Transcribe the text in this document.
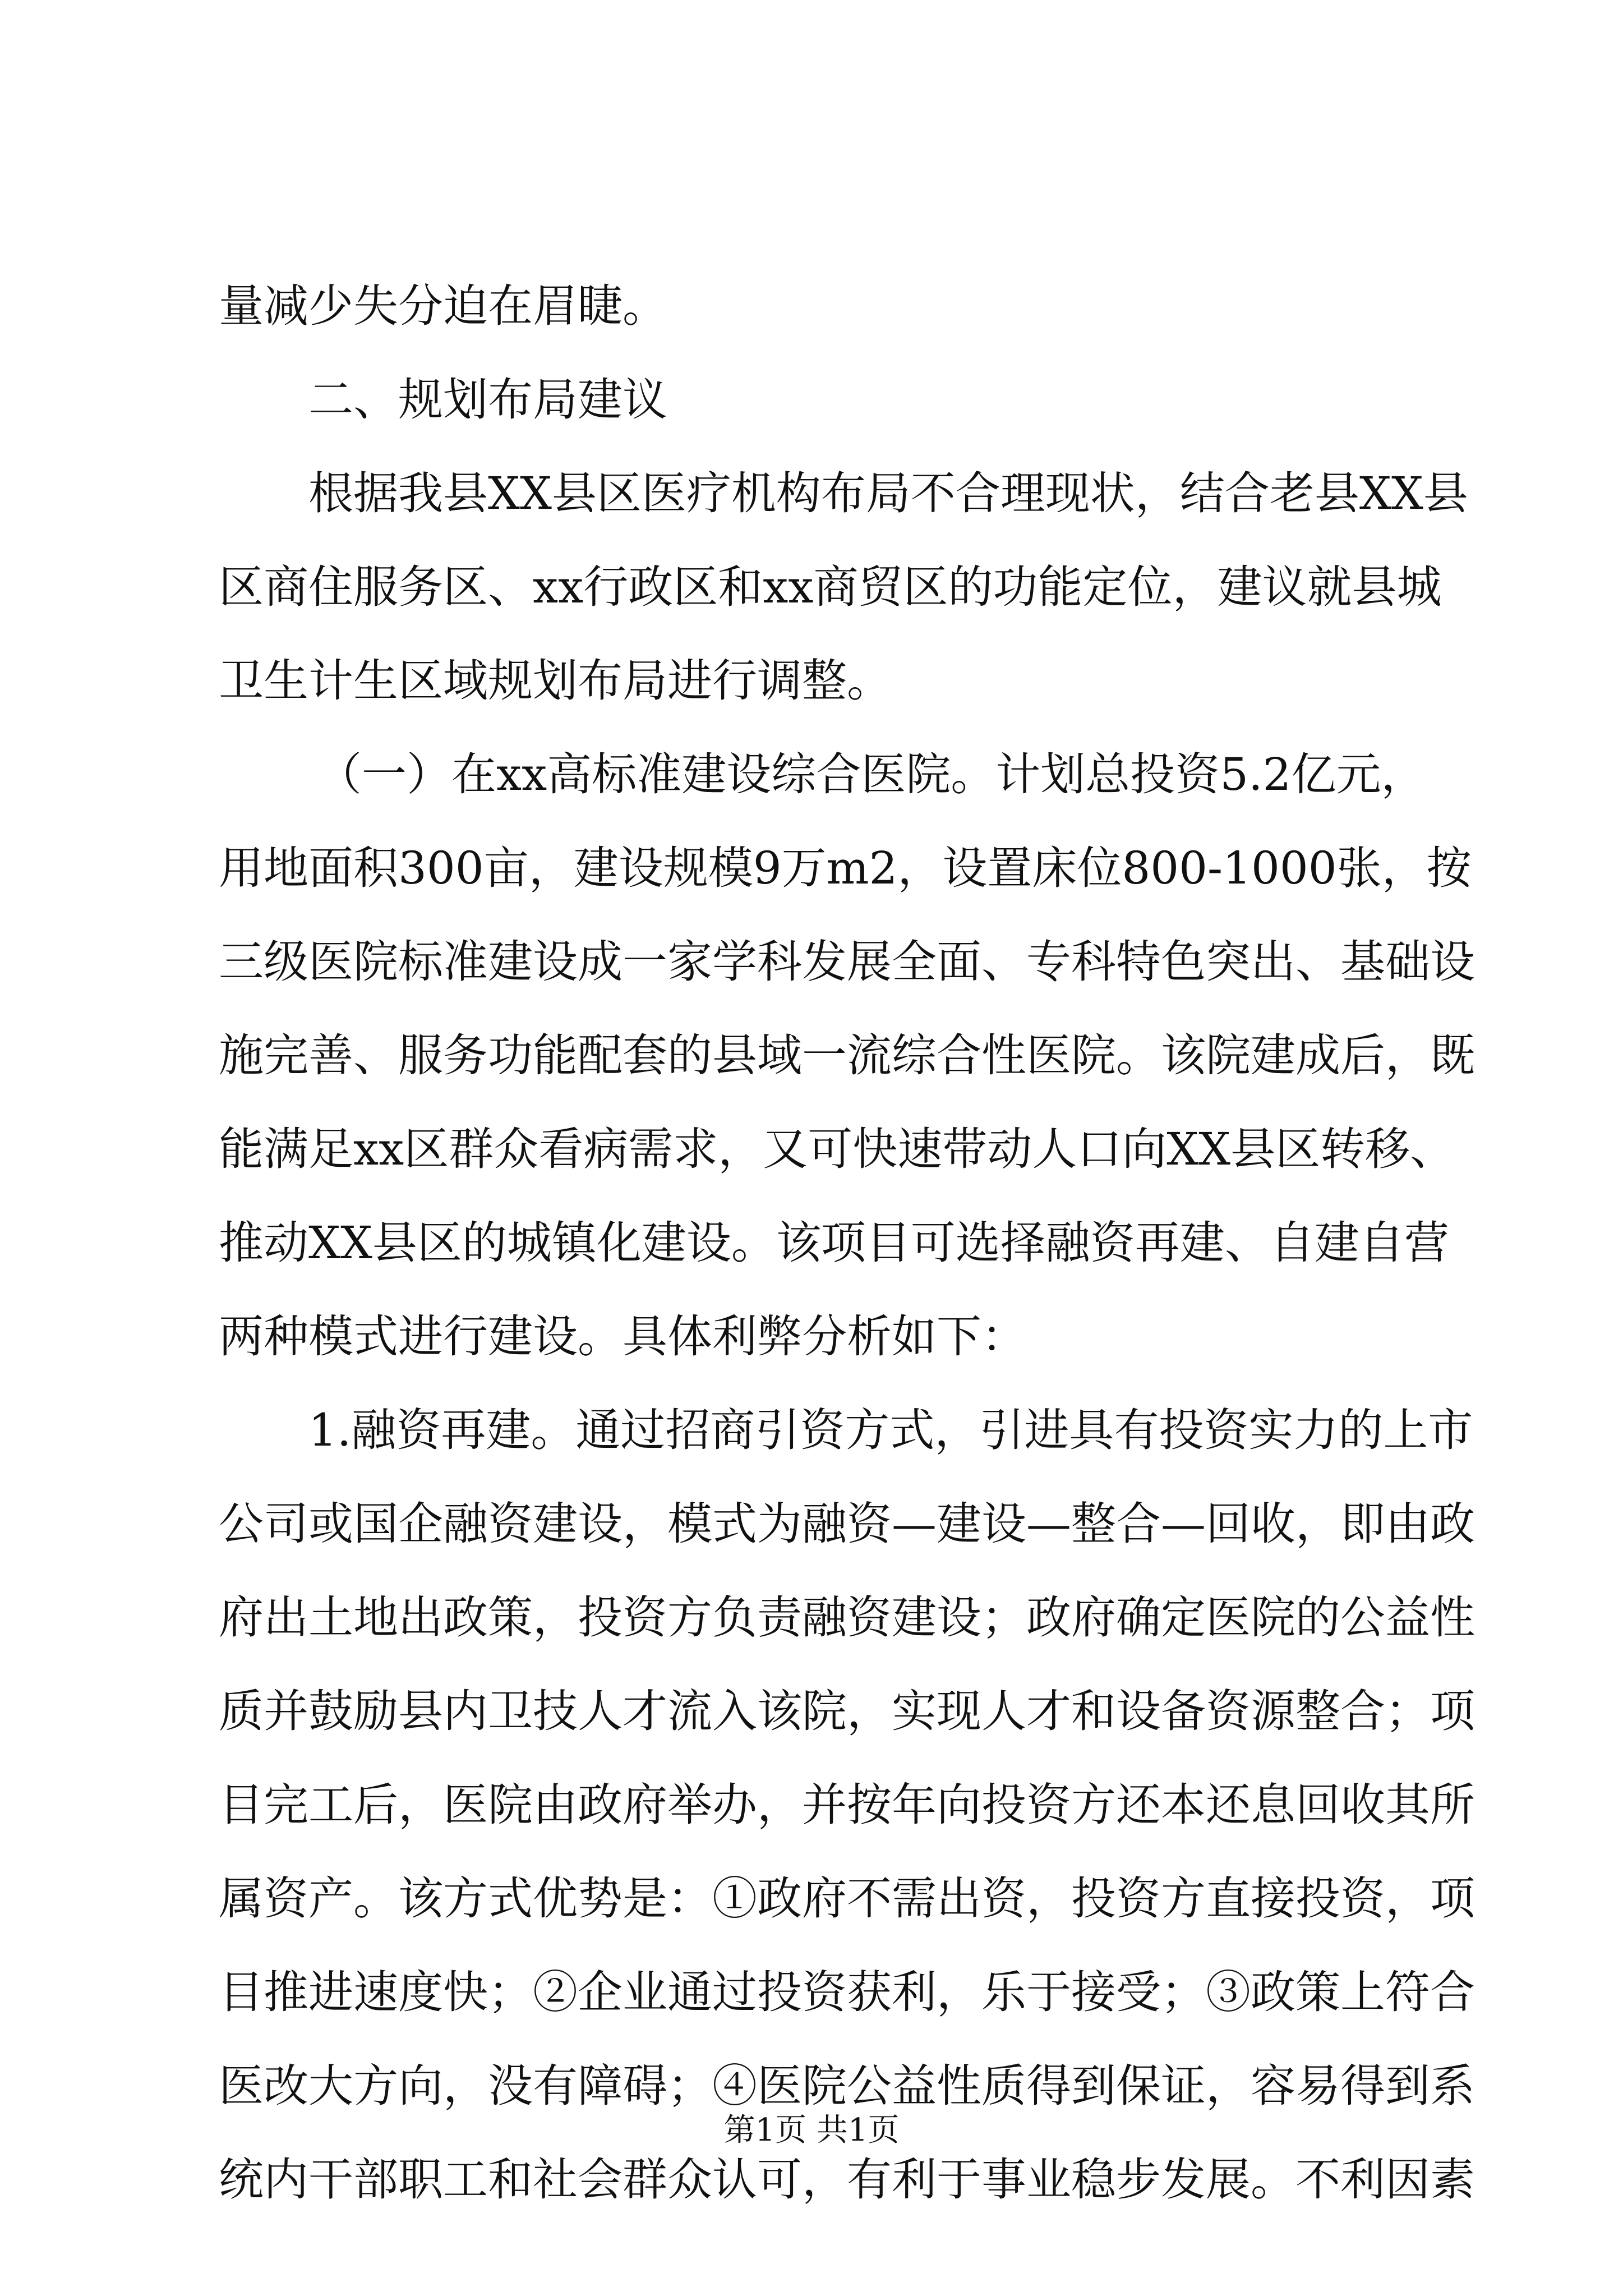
量减少失分迫在眉睫。
二、规划布局建议
根据我县XX县区医疗机构布局不合理现状，结合老县XX县
区商住服务区、xx行政区和xx商贸区的功能定位，建议就县城
卫生计生区域规划布局进行调整。
（一）在xx高标准建设综合医院。计划总投资5.2亿元，
用地面积300亩，建设规模9万m2，设置床位800-1000张，按
三级医院标准建设成一家学科发展全面、专科特色突出、基础设
施完善、服务功能配套的县域一流综合性医院。该院建成后，既
能满足xx区群众看病需求，又可快速带动人口向XX县区转移、
推动XX县区的城镇化建设。该项目可选择融资再建、自建自营
两种模式进行建设。具体利弊分析如下：
1.融资再建。通过招商引资方式，引进具有投资实力的上市
公司或国企融资建设，模式为融资—建设—整合—回收，即由政
府出土地出政策，投资方负责融资建设；政府确定医院的公益性
质并鼓励县内卫技人才流入该院，实现人才和设备资源整合；项
目完工后，医院由政府举办，并按年向投资方还本还息回收其所
属资产。该方式优势是：①政府不需出资，投资方直接投资，项
目推进速度快；②企业通过投资获利，乐于接受；③政策上符合
医改大方向，没有障碍；④医院公益性质得到保证，容易得到系
统内干部职工和社会群众认可，有利于事业稳步发展。不利因素
第1页 共1页
